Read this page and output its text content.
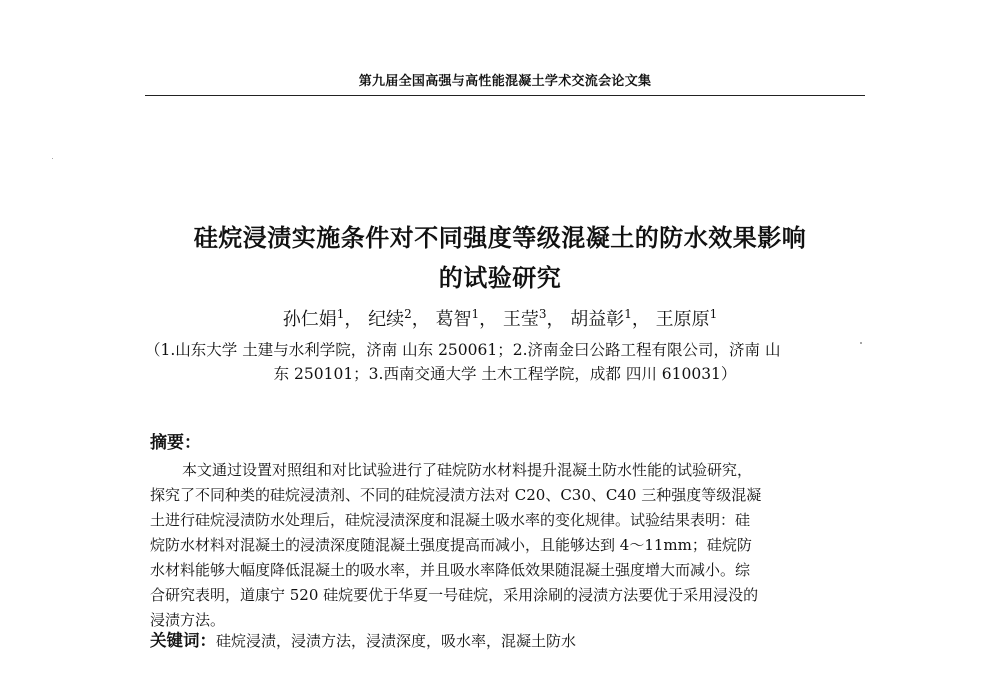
第九届全国高强与高性能混凝土学术交流会论文集
硅烷浸渍实施条件对不同强度等级混凝土的防水效果影响
的试验研究
孙仁娟$^1$， 纪续$^2$， 葛智$^1$， 王莹$^3$， 胡益彰$^1$， 王原原$^1$
（1.山东大学 土建与水利学院，济南 山东 250061；2.济南金曰公路工程有限公司，济南 山
东 250101；3.西南交通大学 土木工程学院，成都 四川 610031）
摘要：
本文通过设置对照组和对比试验进行了硅烷防水材料提升混凝土防水性能的试验研究，
探究了不同种类的硅烷浸渍剂、不同的硅烷浸渍方法对 C20、C30、C40 三种强度等级混凝
土进行硅烷浸渍防水处理后，硅烷浸渍深度和混凝土吸水率的变化规律。试验结果表明：硅
烷防水材料对混凝土的浸渍深度随混凝土强度提高而减小，且能够达到 4～11mm；硅烷防
水材料能够大幅度降低混凝土的吸水率，并且吸水率降低效果随混凝土强度增大而减小。综
合研究表明，道康宁 520 硅烷要优于华夏一号硅烷，采用涂刷的浸渍方法要优于采用浸没的
浸渍方法。
关键词：硅烷浸渍，浸渍方法，浸渍深度，吸水率，混凝土防水
